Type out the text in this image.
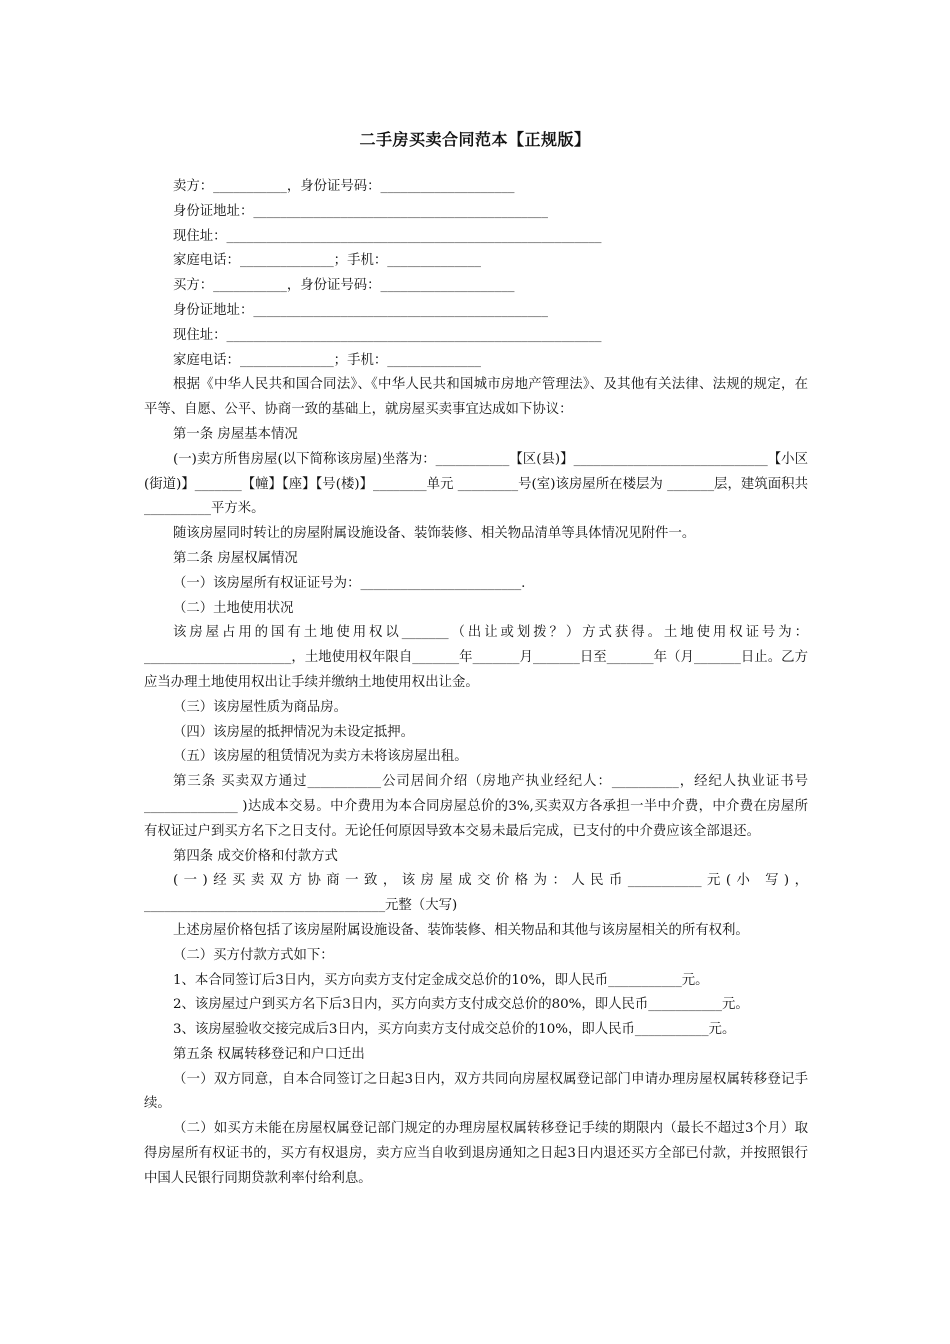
二手房买卖合同范本【正规版】

卖方：___________，身份证号码：____________________

身份证地址：____________________________________________

现住址：________________________________________________________

家庭电话：______________；手机：______________

买方：___________，身份证号码：____________________

身份证地址：____________________________________________

现住址：________________________________________________________

家庭电话：______________；手机：______________

根据《中华人民共和国合同法》、《中华人民共和国城市房地产管理法》、及其他有关法律、法规的规定，在平等、自愿、公平、协商一致的基础上，就房屋买卖事宜达成如下协议：

第一条 房屋基本情况

(一)卖方所售房屋(以下简称该房屋)坐落为：___________【区(县)】_____________________________【小区(街道)】_______【幢】【座】【号(楼)】________单元 _________号(室)该房屋所在楼层为 _______层，建筑面积共__________平方米。

随该房屋同时转让的房屋附属设施设备、装饰装修、相关物品清单等具体情况见附件一。

第二条 房屋权属情况

（一）该房屋所有权证证号为：________________________.

（二）土地使用状况

该房屋占用的国有土地使用权以_______（出让或划拨？）方式获得。土地使用权证号为：______________________，土地使用权年限自_______年_______月_______日至_______年（月_______日止。乙方应当办理土地使用权出让手续并缴纳土地使用权出让金。

（三）该房屋性质为商品房。

（四）该房屋的抵押情况为未设定抵押。

（五）该房屋的租赁情况为卖方未将该房屋出租。

第三条 买卖双方通过___________公司居间介绍（房地产执业经纪人：__________，经纪人执业证书号______________ )达成本交易。中介费用为本合同房屋总价的3%,买卖双方各承担一半中介费，中介费在房屋所有权证过户到买方名下之日支付。无论任何原因导致本交易未最后完成，已支付的中介费应该全部退还。

第四条 成交价格和付款方式

(一)经买卖双方协商一致，该房屋成交价格为：人民币___________元(小 写)，____________________________________元整（大写)

上述房屋价格包括了该房屋附属设施设备、装饰装修、相关物品和其他与该房屋相关的所有权利。

（二）买方付款方式如下：

1、本合同签订后3日内，买方向卖方支付定金成交总价的10%，即人民币___________元。

2、该房屋过户到买方名下后3日内，买方向卖方支付成交总价的80%，即人民币___________元。

3、该房屋验收交接完成后3日内，买方向卖方支付成交总价的10%，即人民币___________元。

第五条 权属转移登记和户口迁出

（一）双方同意，自本合同签订之日起3日内，双方共同向房屋权属登记部门申请办理房屋权属转移登记手续。

（二）如买方未能在房屋权属登记部门规定的办理房屋权属转移登记手续的期限内（最长不超过3个月）取得房屋所有权证书的，买方有权退房，卖方应当自收到退房通知之日起3日内退还买方全部已付款，并按照银行中国人民银行同期贷款利率付给利息。
